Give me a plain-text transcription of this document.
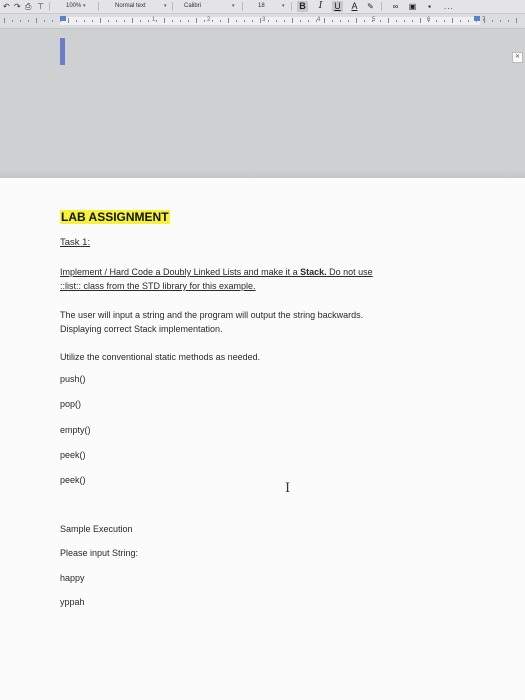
↶ ↷ ⎙ ⊤	100% ▾	Normal text	▾	Calibri	▾	18	▾ B	I	U A	✎	∞	▣	▪	...
1	2	3	4	5	6	7
✕
LAB ASSIGNMENT
Task 1:
Implement / Hard Code a Doubly Linked Lists and make it a Stack. Do not use
::list:: class from the STD library for this example.
The user will input a string and the program will output the string backwards.
Displaying correct Stack implementation.
Utilize the conventional static methods as needed.
push()
pop()
empty()
peek()
peek()
Sample Execution
Please input String:
happy
yppah
I
